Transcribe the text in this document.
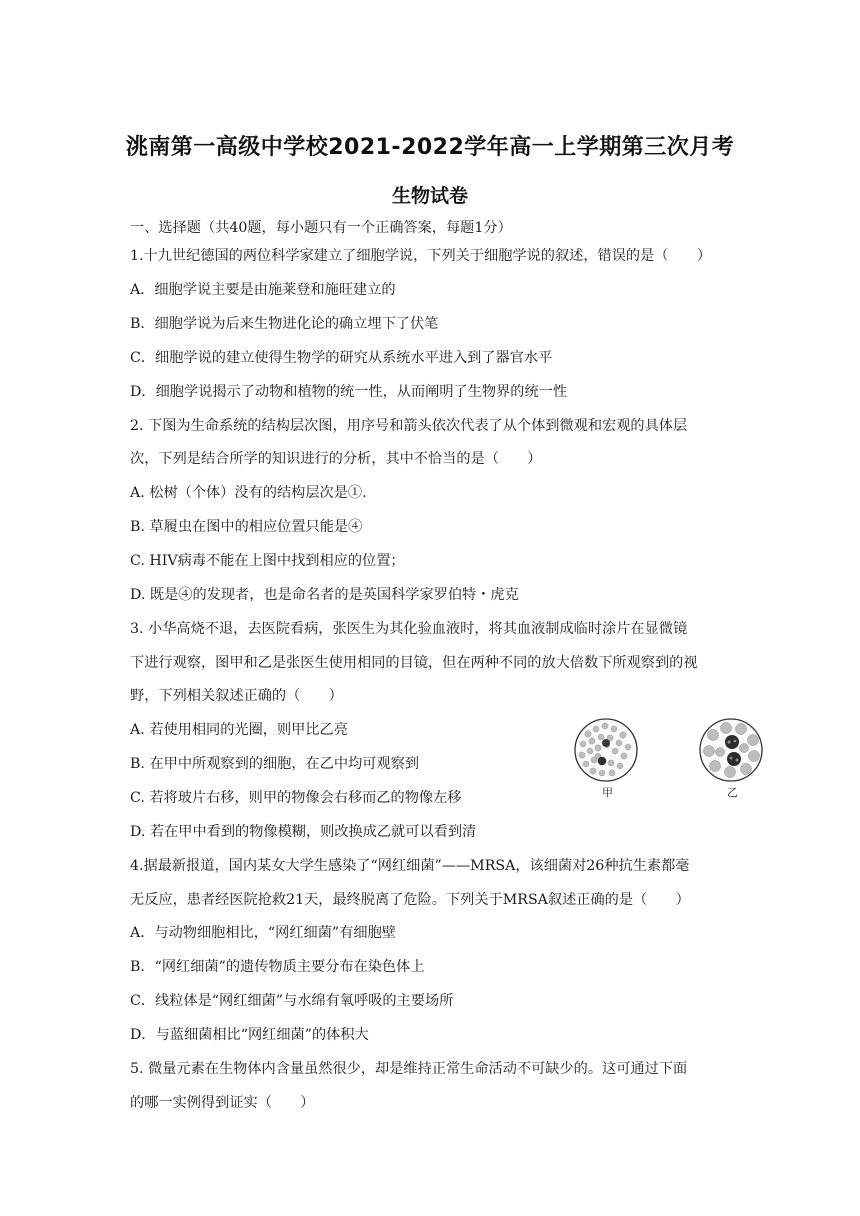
洮南第一高级中学校2021-2022学年高一上学期第三次月考
生物试卷
一、选择题（共40题，每小题只有一个正确答案，每题1分）
1.十九世纪德国的两位科学家建立了细胞学说，下列关于细胞学说的叙述，错误的是（　　）
A．细胞学说主要是由施莱登和施旺建立的
B．细胞学说为后来生物进化论的确立埋下了伏笔
C．细胞学说的建立使得生物学的研究从系统水平进入到了器官水平
D．细胞学说揭示了动物和植物的统一性，从而阐明了生物界的统一性
2. 下图为生命系统的结构层次图，用序号和箭头依次代表了从个体到微观和宏观的具体层
次，下列是结合所学的知识进行的分析，其中不恰当的是（　　）
A. 松树（个体）没有的结构层次是①.
B. 草履虫在图中的相应位置只能是④
C. HIV病毒不能在上图中找到相应的位置；
D. 既是④的发现者，也是命名者的是英国科学家罗伯特・虎克
3. 小华高烧不退，去医院看病，张医生为其化验血液时，将其血液制成临时涂片在显微镜
下进行观察，图甲和乙是张医生使用相同的目镜，但在两种不同的放大倍数下所观察到的视
野，下列相关叙述正确的（　　）
A. 若使用相同的光圈，则甲比乙亮
B. 在甲中所观察到的细胞，在乙中均可观察到
C. 若将玻片右移，则甲的物像会右移而乙的物像左移
D. 若在甲中看到的物像模糊，则改换成乙就可以看到清
4.据最新报道，国内某女大学生感染了“网红细菌”——MRSA，该细菌对26种抗生素都毫
无反应，患者经医院抢救21天，最终脱离了危险。下列关于MRSA叙述正确的是（　　）
A．与动物细胞相比，“网红细菌”有细胞壁
B．“网红细菌”的遗传物质主要分布在染色体上
C．线粒体是“网红细菌”与水绵有氧呼吸的主要场所
D．与蓝细菌相比“网红细菌”的体积大
5. 微量元素在生物体内含量虽然很少，却是维持正常生命活动不可缺少的。这可通过下面
的哪一实例得到证实（　　）
甲	乙
